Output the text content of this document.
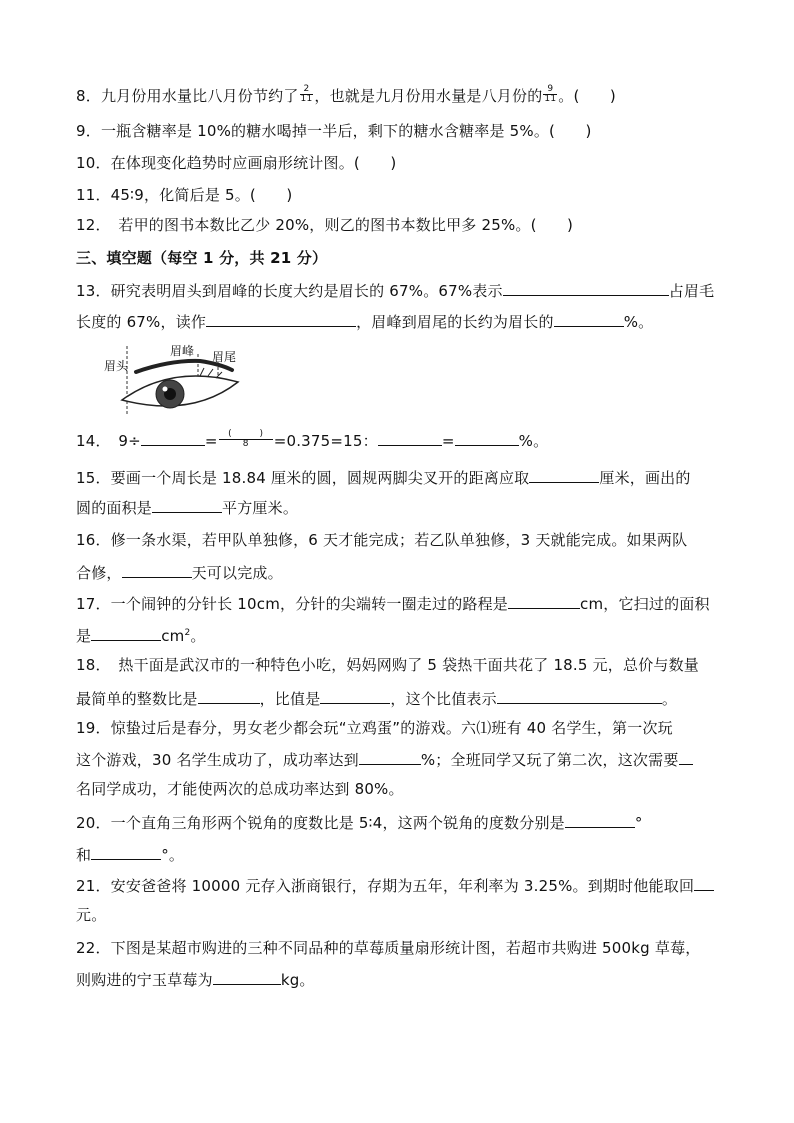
8．九月份用水量比八月份节约了 $\frac{2}{11}$ ，也就是九月份用水量是八月份的 $\frac{9}{11}$ 。(　　)
9．一瓶含糖率是 10%的糖水喝掉一半后，剩下的糖水含糖率是 5%。(　　)
10．在体现变化趋势时应画扇形统计图。(　　)
11．45∶9，化简后是 5。(　　)
12．　若甲的图书本数比乙少 20%，则乙的图书本数比甲多 25%。(　　)
三、填空题（每空 1 分，共 21 分）
13．研究表明眉头到眉峰的长度大约是眉长的 67%。67%表示	占眉毛
长度的 67%，读作	，眉峰到眉尾的长约为眉长的	%。
眉头
眉峰 眉尾
14．　9÷	= $\frac{( )}{8} =0.375=15$：	=	%。
15．要画一个周长是 18.84 厘米的圆，圆规两脚尖叉开的距离应取	厘米，画出的
圆的面积是	平方厘米。
16．修一条水渠，若甲队单独修，6 天才能完成；若乙队单独修，3 天就能完成。如果两队
合修，	天可以完成。
17．一个闹钟的分针长 10cm，分针的尖端转一圈走过的路程是	cm，它扫过的面积
是	$cm^2$。
18．　热干面是武汉市的一种特色小吃，妈妈网购了 5 袋热干面共花了 18.5 元，总价与数量
最简单的整数比是	，比值是	，这个比值表示	。
19．惊蛰过后是春分，男女老少都会玩“立鸡蛋”的游戏。六⑴班有 40 名学生，第一次玩
这个游戏，30 名学生成功了，成功率达到	%；全班同学又玩了第二次，这次需要
名同学成功，才能使两次的总成功率达到 80%。
20．一个直角三角形两个锐角的度数比是 5∶4，这两个锐角的度数分别是	°
和	°。
21．安安爸爸将 10000 元存入浙商银行，存期为五年，年利率为 3.25%。到期时他能取回
元。
22．下图是某超市购进的三种不同品种的草莓质量扇形统计图，若超市共购进 500kg 草莓，
则购进的宁玉草莓为	kg。
